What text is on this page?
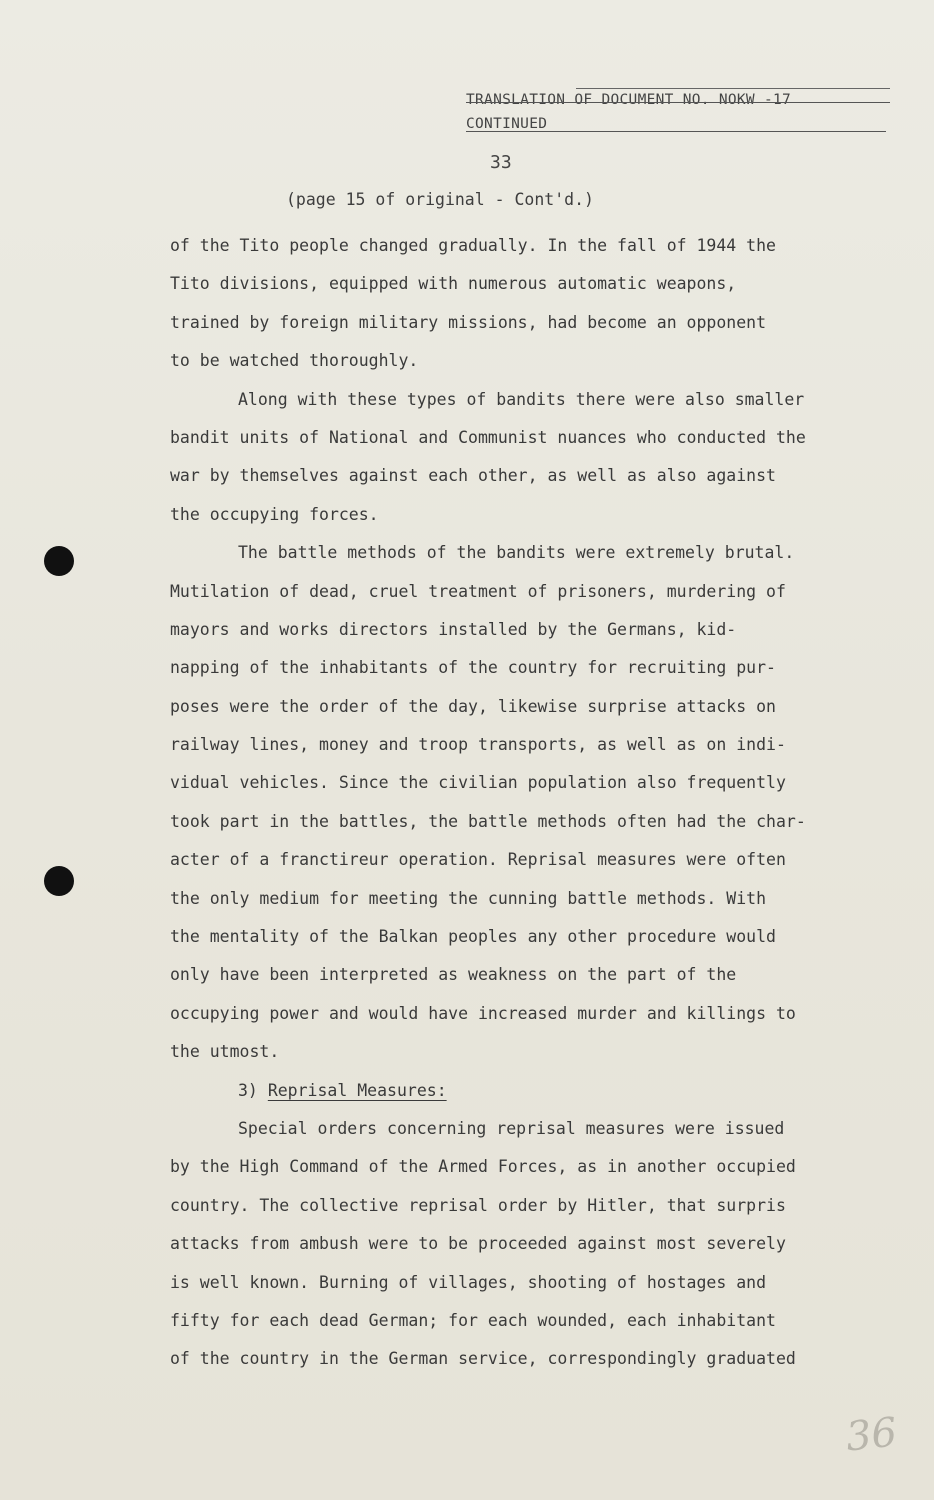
TRANSLATION OF DOCUMENT NO. NOKW -17
CONTINUED
33
(page 15 of original - Cont'd.)
of the Tito people changed gradually. In the fall of 1944 the
Tito divisions, equipped with numerous automatic weapons,
trained by foreign military missions, had become an opponent
to be watched thoroughly.
Along with these types of bandits there were also smaller
bandit units of National and Communist nuances who conducted the
war by themselves against each other, as well as also against
the occupying forces.
The battle methods of the bandits were extremely brutal.
Mutilation of dead, cruel treatment of prisoners, murdering of
mayors and works directors installed by the Germans, kid-
napping of the inhabitants of the country for recruiting pur-
poses were the order of the day, likewise surprise attacks on
railway lines, money and troop transports, as well as on indi-
vidual vehicles. Since the civilian population also frequently
took part in the battles, the battle methods often had the char-
acter of a franctireur operation. Reprisal measures were often
the only medium for meeting the cunning battle methods. With
the mentality of the Balkan peoples any other procedure would
only have been interpreted as weakness on the part of the
occupying power and would have increased murder and killings to
the utmost.
3) Reprisal Measures:
Special orders concerning reprisal measures were issued
by the High Command of the Armed Forces, as in another occupied
country. The collective reprisal order by Hitler, that surpris
attacks from ambush were to be proceeded against most severely
is well known. Burning of villages, shooting of hostages and
fifty for each dead German; for each wounded, each inhabitant
of the country in the German service, correspondingly graduated
36
